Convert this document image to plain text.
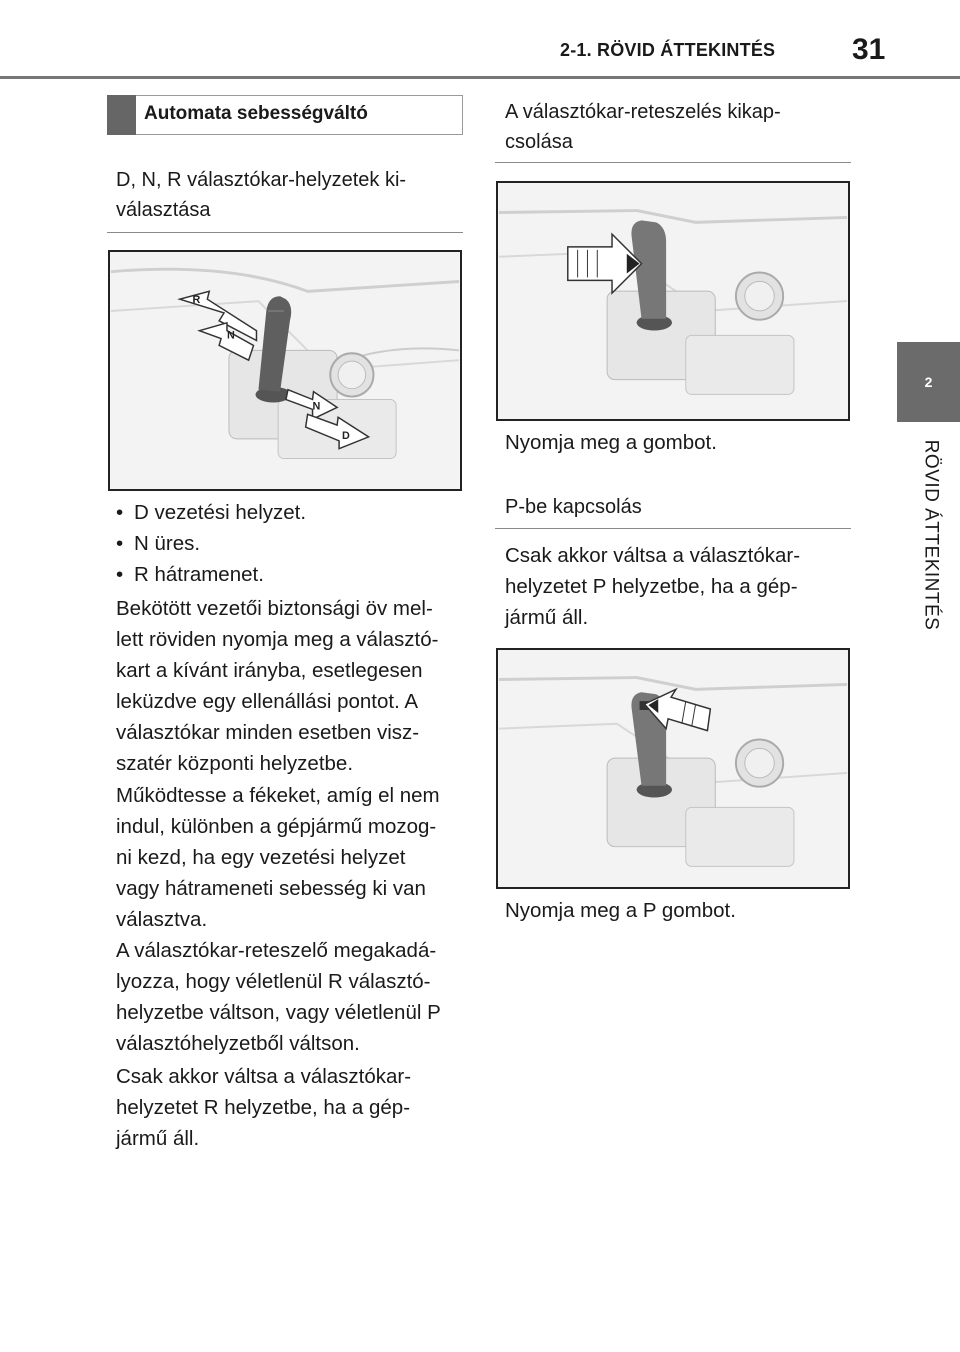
2-1. RÖVID ÁTTEKINTÉS	31
2
RÖVID ÁTTEKINTÉS
Automata sebességváltó
D, N, R választókar-helyzetek ki-
választása
R
N
N
D
• D vezetési helyzet.
• N üres.
• R hátramenet.
Bekötött vezetői biztonsági öv mel-
lett röviden nyomja meg a választó-
kart a kívánt irányba, esetlegesen
leküzdve egy ellenállási pontot. A
választókar minden esetben visz-
szatér központi helyzetbe.
Működtesse a fékeket, amíg el nem
indul, különben a gépjármű mozog-
ni kezd, ha egy vezetési helyzet
vagy hátrameneti sebesség ki van
választva.
A választókar-reteszelő megakadá-
lyozza, hogy véletlenül R választó-
helyzetbe váltson, vagy véletlenül P
választóhelyzetből váltson.
Csak akkor váltsa a választókar-
helyzetet R helyzetbe, ha a gép-
jármű áll.
A választókar-reteszelés kikap-
csolása
Nyomja meg a gombot.
P-be kapcsolás
Csak akkor váltsa a választókar-
helyzetet P helyzetbe, ha a gép-
jármű áll.
Nyomja meg a P gombot.
